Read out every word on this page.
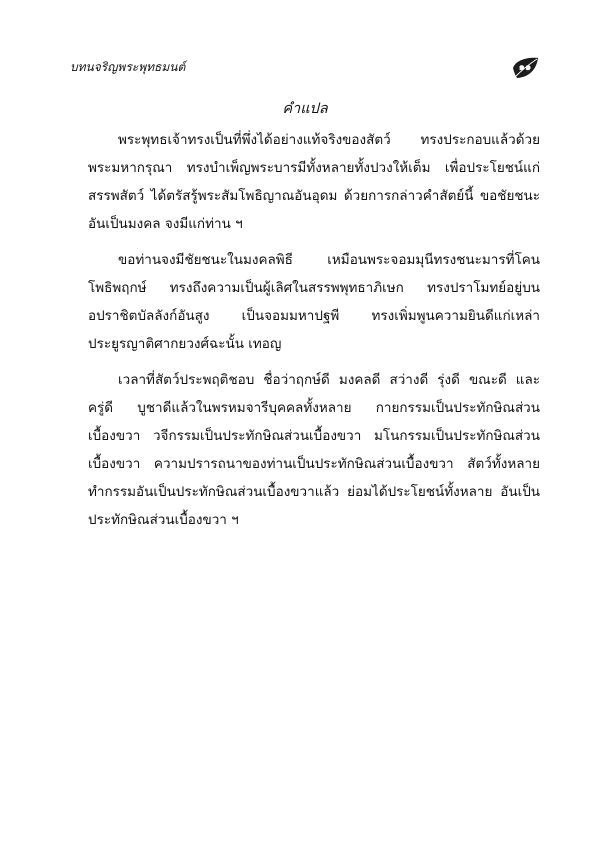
บทนจริญพระพุทธมนต์	๑๑
คำแปล
พระพุทธเจ้าทรงเป็นที่พึ่งได้อย่างแท้จริงของสัตว์ ทรงประกอบแล้วด้วย
พระมหากรุณา ทรงบำเพ็ญพระบารมีทั้งหลายทั้งปวงให้เต็ม เพื่อประโยชน์แก่
สรรพสัตว์ ได้ตรัสรู้พระสัมโพธิญาณอันอุดม ด้วยการกล่าวคำสัตย์นี้ ขอชัยชนะ
อันเป็นมงคล จงมีแก่ท่าน ฯ
ขอท่านจงมีชัยชนะในมงคลพิธี เหมือนพระจอมมุนีทรงชนะมารที่โคน
โพธิพฤกษ์ ทรงถึงความเป็นผู้เลิศในสรรพพุทธาภิเษก ทรงปราโมทย์อยู่บน
อปราชิตบัลลังก์อันสูง เป็นจอมมหาปฐพี ทรงเพิ่มพูนความยินดีแก่เหล่า
ประยูรญาติศากยวงศ์ฉะนั้น เทอญ
เวลาที่สัตว์ประพฤติชอบ ชื่อว่าฤกษ์ดี มงคลดี สว่างดี รุ่งดี ขณะดี และ
ครู่ดี บูชาดีแล้วในพรหมจารีบุคคลทั้งหลาย กายกรรมเป็นประทักษิณส่วน
เบื้องขวา วจีกรรมเป็นประทักษิณส่วนเบื้องขวา มโนกรรมเป็นประทักษิณส่วน
เบื้องขวา ความปรารถนาของท่านเป็นประทักษิณส่วนเบื้องขวา สัตว์ทั้งหลาย
ทำกรรมอันเป็นประทักษิณส่วนเบื้องขวาแล้ว ย่อมได้ประโยชน์ทั้งหลาย อันเป็น
ประทักษิณส่วนเบื้องขวา ฯ
